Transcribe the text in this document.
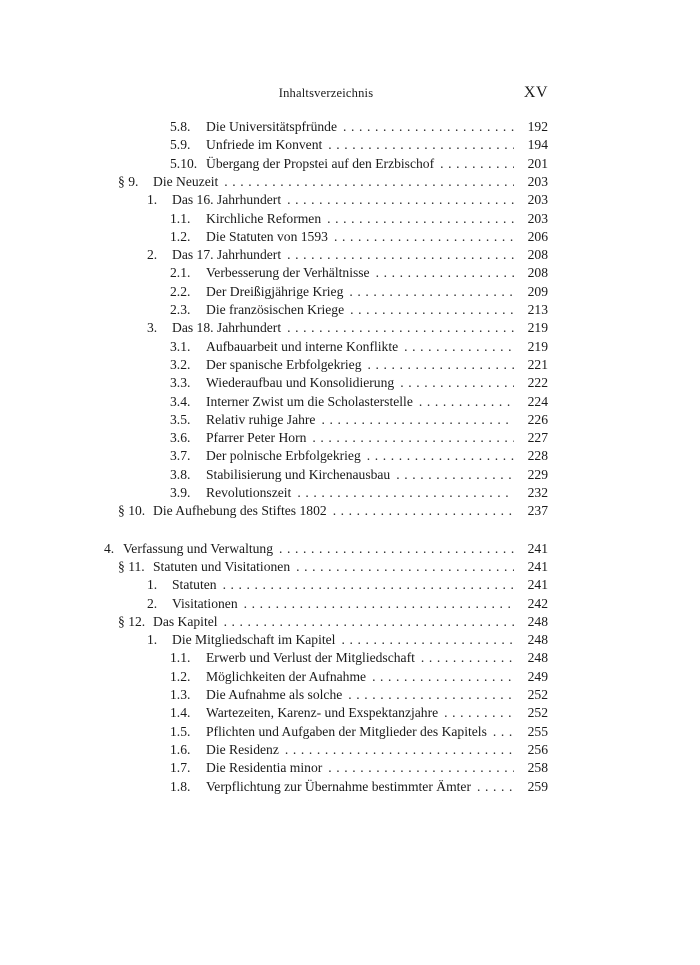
Inhaltsverzeichnis	XV
5.8.	Die Universitätspfründe . . .	192
5.9.	Unfriede im Konvent . . .	194
5.10. Übergang der Propstei auf den Erzbischof . . .	201
§ 9.	Die Neuzeit . . .	203
1.	Das 16. Jahrhundert . . .	203
1.1.	Kirchliche Reformen . . .	203
1.2.	Die Statuten von 1593 . . .	206
2.	Das 17. Jahrhundert . . .	208
2.1.	Verbesserung der Verhältnisse . . .	208
2.2.	Der Dreißigjährige Krieg . . .	209
2.3.	Die französischen Kriege . . .	213
3.	Das 18. Jahrhundert . . .	219
3.1.	Aufbauarbeit und interne Konflikte . . .	219
3.2.	Der spanische Erbfolgekrieg . . .	221
3.3.	Wiederaufbau und Konsolidierung . . .	222
3.4.	Interner Zwist um die Scholasterstelle . . .	224
3.5.	Relativ ruhige Jahre . . .	226
3.6.	Pfarrer Peter Horn . . .	227
3.7.	Der polnische Erbfolgekrieg . . .	228
3.8.	Stabilisierung und Kirchenausbau . . .	229
3.9.	Revolutionszeit . . .	232
§ 10. Die Aufhebung des Stiftes 1802 . . .	237
4. Verfassung und Verwaltung . . .	241
§ 11. Statuten und Visitationen . . .	241
1.	Statuten . . .	241
2.	Visitationen . . .	242
§ 12. Das Kapitel . . .	248
1.	Die Mitgliedschaft im Kapitel . . .	248
1.1.	Erwerb und Verlust der Mitgliedschaft . . .	248
1.2.	Möglichkeiten der Aufnahme . . .	249
1.3.	Die Aufnahme als solche . . .	252
1.4.	Wartezeiten, Karenz- und Exspektanzjahre . . .	252
1.5.	Pflichten und Aufgaben der Mitglieder des Kapitels . . .	255
1.6.	Die Residenz . . .	256
1.7.	Die Residentia minor . . .	258
1.8.	Verpflichtung zur Übernahme bestimmter Ämter . . .	259
